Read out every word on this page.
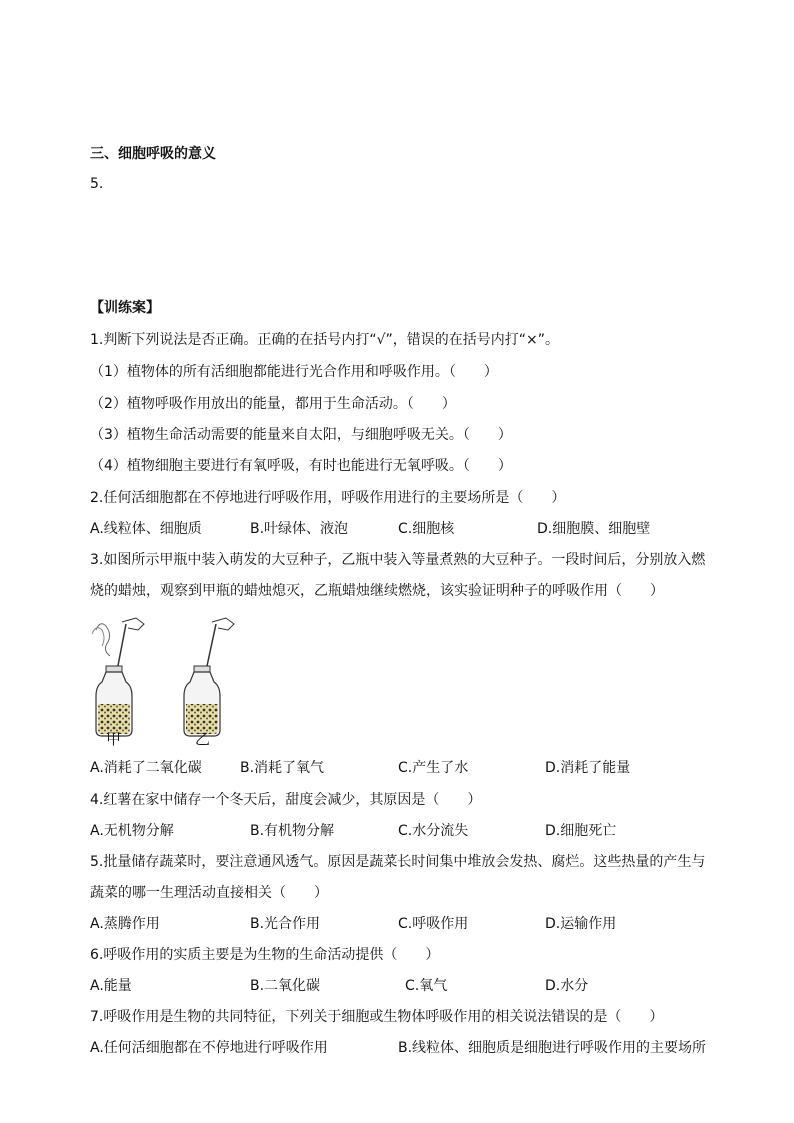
三、细胞呼吸的意义
5.
【训练案】
1.判断下列说法是否正确。正确的在括号内打“√”，错误的在括号内打“×”。
（1）植物体的所有活细胞都能进行光合作用和呼吸作用。（　　）
（2）植物呼吸作用放出的能量，都用于生命活动。（　　）
（3）植物生命活动需要的能量来自太阳，与细胞呼吸无关。（　　）
（4）植物细胞主要进行有氧呼吸，有时也能进行无氧呼吸。（　　）
2.任何活细胞都在不停地进行呼吸作用，呼吸作用进行的主要场所是（　　）
A.线粒体、细胞质	B.叶绿体、液泡	C.细胞核	D.细胞膜、细胞壁
3.如图所示甲瓶中装入萌发的大豆种子，乙瓶中装入等量煮熟的大豆种子。一段时间后，分别放入燃
烧的蜡烛，观察到甲瓶的蜡烛熄灭，乙瓶蜡烛继续燃烧，该实验证明种子的呼吸作用（　　）
甲	乙
A.消耗了二氧化碳	B.消耗了氧气	C.产生了水	D.消耗了能量
4.红薯在家中储存一个冬天后，甜度会减少，其原因是（　　）
A.无机物分解	B.有机物分解	C.水分流失	D.细胞死亡
5.批量储存蔬菜时，要注意通风透气。原因是蔬菜长时间集中堆放会发热、腐烂。这些热量的产生与
蔬菜的哪一生理活动直接相关（　　）
A.蒸腾作用	B.光合作用	C.呼吸作用	D.运输作用
6.呼吸作用的实质主要是为生物的生命活动提供（　　）
A.能量	B.二氧化碳	C.氧气	D.水分
7.呼吸作用是生物的共同特征，下列关于细胞或生物体呼吸作用的相关说法错误的是（　　）
A.任何活细胞都在不停地进行呼吸作用	B.线粒体、细胞质是细胞进行呼吸作用的主要场所
